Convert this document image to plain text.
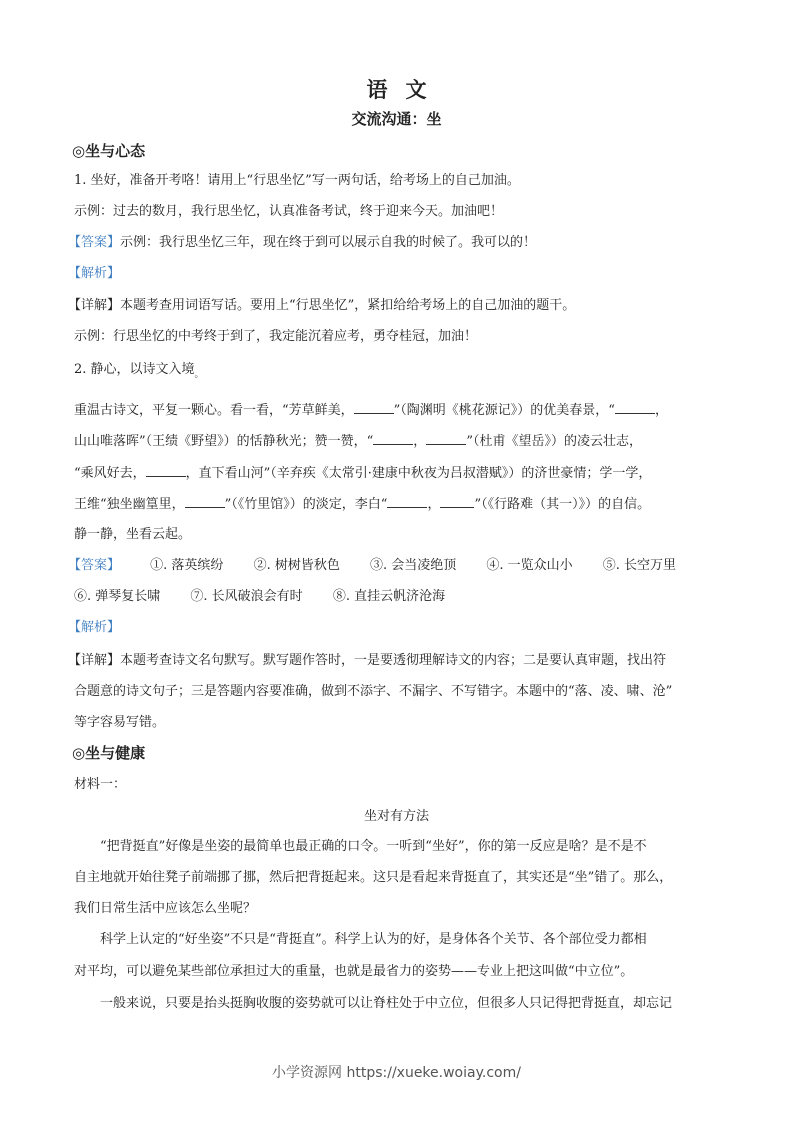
语文
交流沟通：坐
◎坐与心态
1. 坐好，准备开考咯！请用上“行思坐忆”写一两句话，给考场上的自己加油。
示例：过去的数月，我行思坐忆，认真准备考试，终于迎来今天。加油吧！
【答案】示例：我行思坐忆三年，现在终于到可以展示自我的时候了。我可以的！
【解析】
【详解】本题考查用词语写话。要用上“行思坐忆”，紧扣给给考场上的自己加油的题干。
示例：行思坐忆的中考终于到了，我定能沉着应考，勇夺桂冠，加油！
2. 静心，以诗文入境$_。$
重温古诗文，平复一颗心。看一看，“芳草鲜美，	”（陶渊明《桃花源记》）的优美春景，“	，
山山唯落晖”（王绩《野望》）的恬静秋光；赞一赞，“	，	”（杜甫《望岳》）的凌云壮志，
“乘风好去，	，直下看山河”（辛弃疾《太常引·建康中秋夜为吕叔潜赋》）的济世豪情；学一学，
王维“独坐幽篁里，	”（《竹里馆》）的淡定，李白“	，	”（《行路难（其一）》）的自信。
静一静，坐看云起。
【答案】 ①. 落英缤纷 ②. 树树皆秋色 ③. 会当凌绝顶 ④. 一览众山小 ⑤. 长空万里
⑥. 弹琴复长啸 ⑦. 长风破浪会有时 ⑧. 直挂云帆济沧海
【解析】
【详解】本题考查诗文名句默写。默写题作答时，一是要透彻理解诗文的内容；二是要认真审题，找出符
合题意的诗文句子；三是答题内容要准确，做到不添字、不漏字、不写错字。本题中的“落、凌、啸、沧”
等字容易写错。
◎坐与健康
材料一：
坐对有方法
“把背挺直”好像是坐姿的最简单也最正确的口令。一听到“坐好”，你的第一反应是啥？是不是不
自主地就开始往凳子前端挪了挪，然后把背挺起来。这只是看起来背挺直了，其实还是“坐”错了。那么，
我们日常生活中应该怎么坐呢？
科学上认定的“好坐姿”不只是“背挺直”。科学上认为的好，是身体各个关节、各个部位受力都相
对平均，可以避免某些部位承担过大的重量，也就是最省力的姿势——专业上把这叫做“中立位”。
一般来说，只要是抬头挺胸收腹的姿势就可以让脊柱处于中立位，但很多人只记得把背挺直，却忘记
小学资源网 https://xueke.woiay.com/
